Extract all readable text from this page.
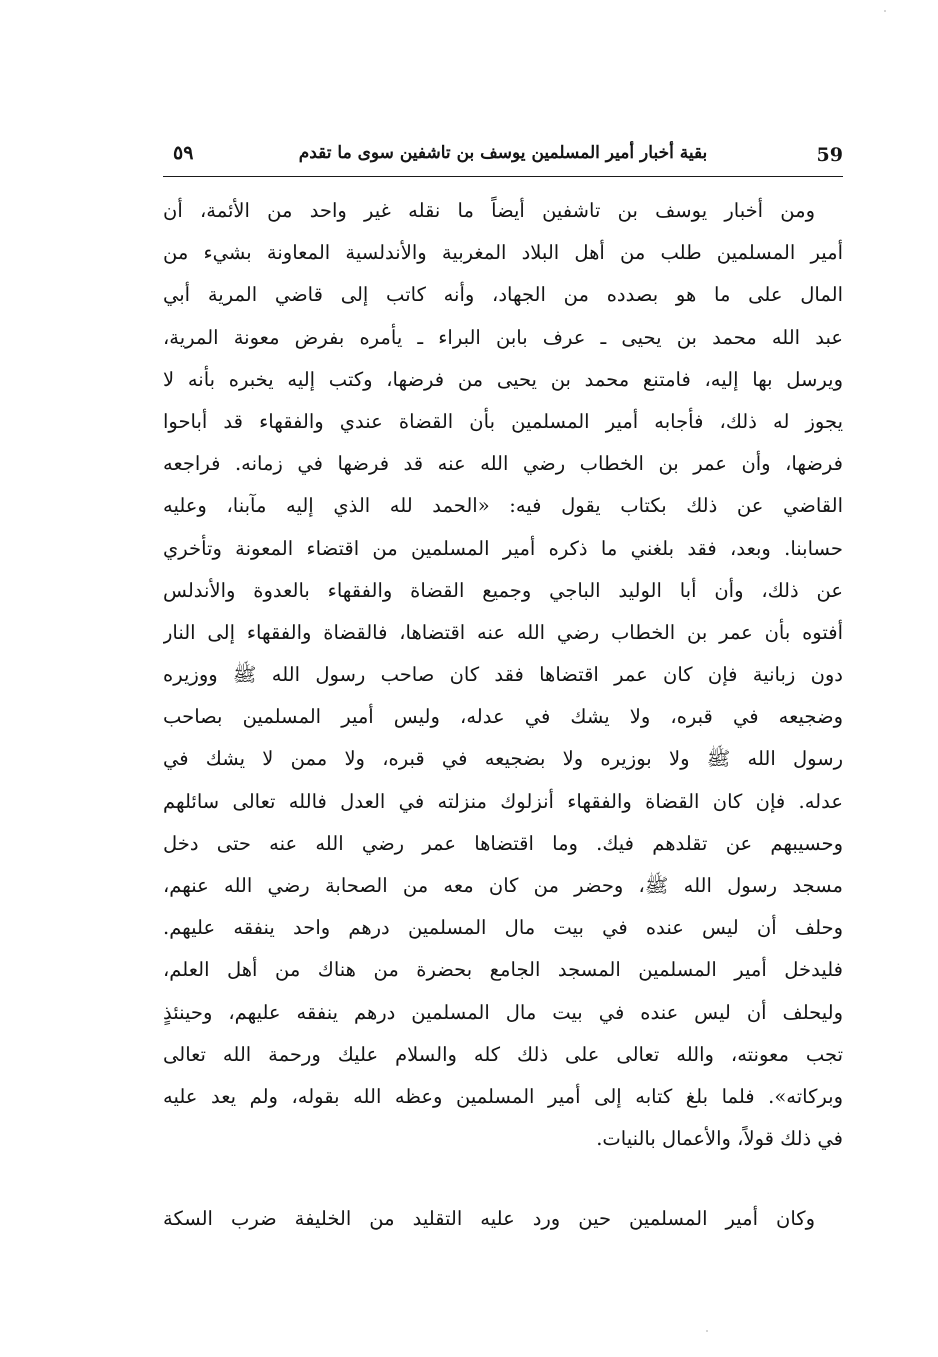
59
بقية أخبار أمير المسلمين يوسف بن تاشفين سوى ما تقدم
٥٩
ومن أخبار يوسف بن تاشفين أيضاً ما نقله غير واحد من الأئمة، أن
أمير المسلمين طلب من أهل البلاد المغربية والأندلسية المعاونة بشيء من
المال على ما هو بصدده من الجهاد، وأنه كاتب إلى قاضي المرية أبي
عبد الله محمد بن يحيى ـ عرف بابن البراء ـ يأمره بفرض معونة المرية،
ويرسل بها إليه، فامتنع محمد بن يحيى من فرضها، وكتب إليه يخبره بأنه لا
يجوز له ذلك، فأجابه أمير المسلمين بأن القضاة عندي والفقهاء قد أباحوا
فرضها، وأن عمر بن الخطاب رضي الله عنه قد فرضها في زمانه. فراجعه
القاضي عن ذلك بكتاب يقول فيه: «الحمد لله الذي إليه مآبنا، وعليه
حسابنا. وبعد، فقد بلغني ما ذكره أمير المسلمين من اقتضاء المعونة وتأخري
عن ذلك، وأن أبا الوليد الباجي وجميع القضاة والفقهاء بالعدوة والأندلس
أفتوه بأن عمر بن الخطاب رضي الله عنه اقتضاها، فالقضاة والفقهاء إلى النار
دون زبانية فإن كان عمر اقتضاها فقد كان صاحب رسول الله ﷺ ووزيره
وضجيعه في قبره، ولا يشك في عدله، وليس أمير المسلمين بصاحب
رسول الله ﷺ ولا بوزيره ولا بضجيعه في قبره، ولا ممن لا يشك في
عدله. فإن كان القضاة والفقهاء أنزلوك منزلته في العدل فالله تعالى سائلهم
وحسيبهم عن تقلدهم فيك. وما اقتضاها عمر رضي الله عنه حتى دخل
مسجد رسول الله ﷺ، وحضر من كان معه من الصحابة رضي الله عنهم،
وحلف أن ليس عنده في بيت مال المسلمين درهم واحد ينفقه عليهم.
فليدخل أمير المسلمين المسجد الجامع بحضرة من هناك من أهل العلم،
وليحلف أن ليس عنده في بيت مال المسلمين درهم ينفقه عليهم، وحينئذٍ
تجب معونته، والله تعالى على ذلك كله والسلام عليك ورحمة الله تعالى
وبركاته». فلما بلغ كتابه إلى أمير المسلمين وعظه الله بقوله، ولم يعد عليه
في ذلك قولاً، والأعمال بالنيات.
وكان أمير المسلمين حين ورد عليه التقليد من الخليفة ضرب السكة
